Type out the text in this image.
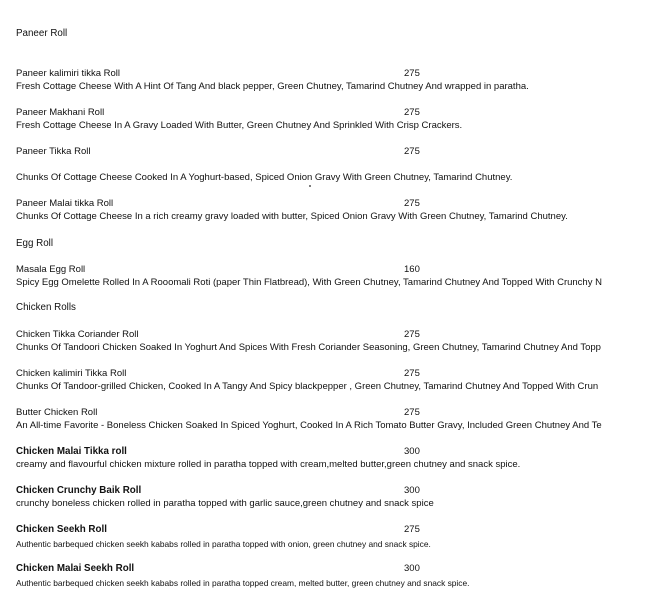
Paneer Roll
Egg Roll
Chicken Rolls
Paneer kalimiri tikka Roll	275
Fresh Cottage Cheese With A Hint Of Tang And black pepper, Green Chutney, Tamarind Chutney And wrapped in paratha.
Paneer Makhani Roll	275
Fresh Cottage Cheese In A Gravy Loaded With Butter, Green Chutney And Sprinkled With Crisp Crackers.
Paneer Tikka Roll	275
Chunks Of Cottage Cheese Cooked In A Yoghurt-based, Spiced Onion Gravy With Green Chutney, Tamarind Chutney.
Paneer Malai tikka Roll	275
Chunks Of Cottage Cheese In a rich creamy gravy loaded with butter, Spiced Onion Gravy With Green Chutney, Tamarind Chutney.
Masala Egg Roll	160
Spicy Egg Omelette Rolled In A Rooomali Roti (paper Thin Flatbread), With Green Chutney, Tamarind Chutney And Topped With Crunchy N
Chicken Tikka Coriander Roll	275
Chunks Of Tandoori Chicken Soaked In Yoghurt And Spices With Fresh Coriander Seasoning, Green Chutney, Tamarind Chutney And Topp
Chicken kalimiri Tikka Roll	275
Chunks Of Tandoor-grilled Chicken, Cooked In A Tangy And Spicy blackpepper , Green Chutney, Tamarind Chutney And Topped With Crun
Butter Chicken Roll	275
An All-time Favorite - Boneless Chicken Soaked In Spiced Yoghurt, Cooked In A Rich Tomato Butter Gravy, Included Green Chutney And Te
Chicken Malai Tikka roll	300
creamy and flavourful chicken mixture rolled in paratha topped with cream,melted butter,green chutney and snack spice.
Chicken Crunchy Baik Roll	300
crunchy boneless chicken rolled in paratha topped with garlic sauce,green chutney and snack spice
Chicken Seekh Roll	275
Authentic barbequed chicken seekh kababs rolled in paratha topped with onion, green chutney and snack spice.
Chicken Malai Seekh Roll	300
Authentic barbequed chicken seekh kababs rolled in paratha topped cream, melted butter, green chutney and snack spice.
